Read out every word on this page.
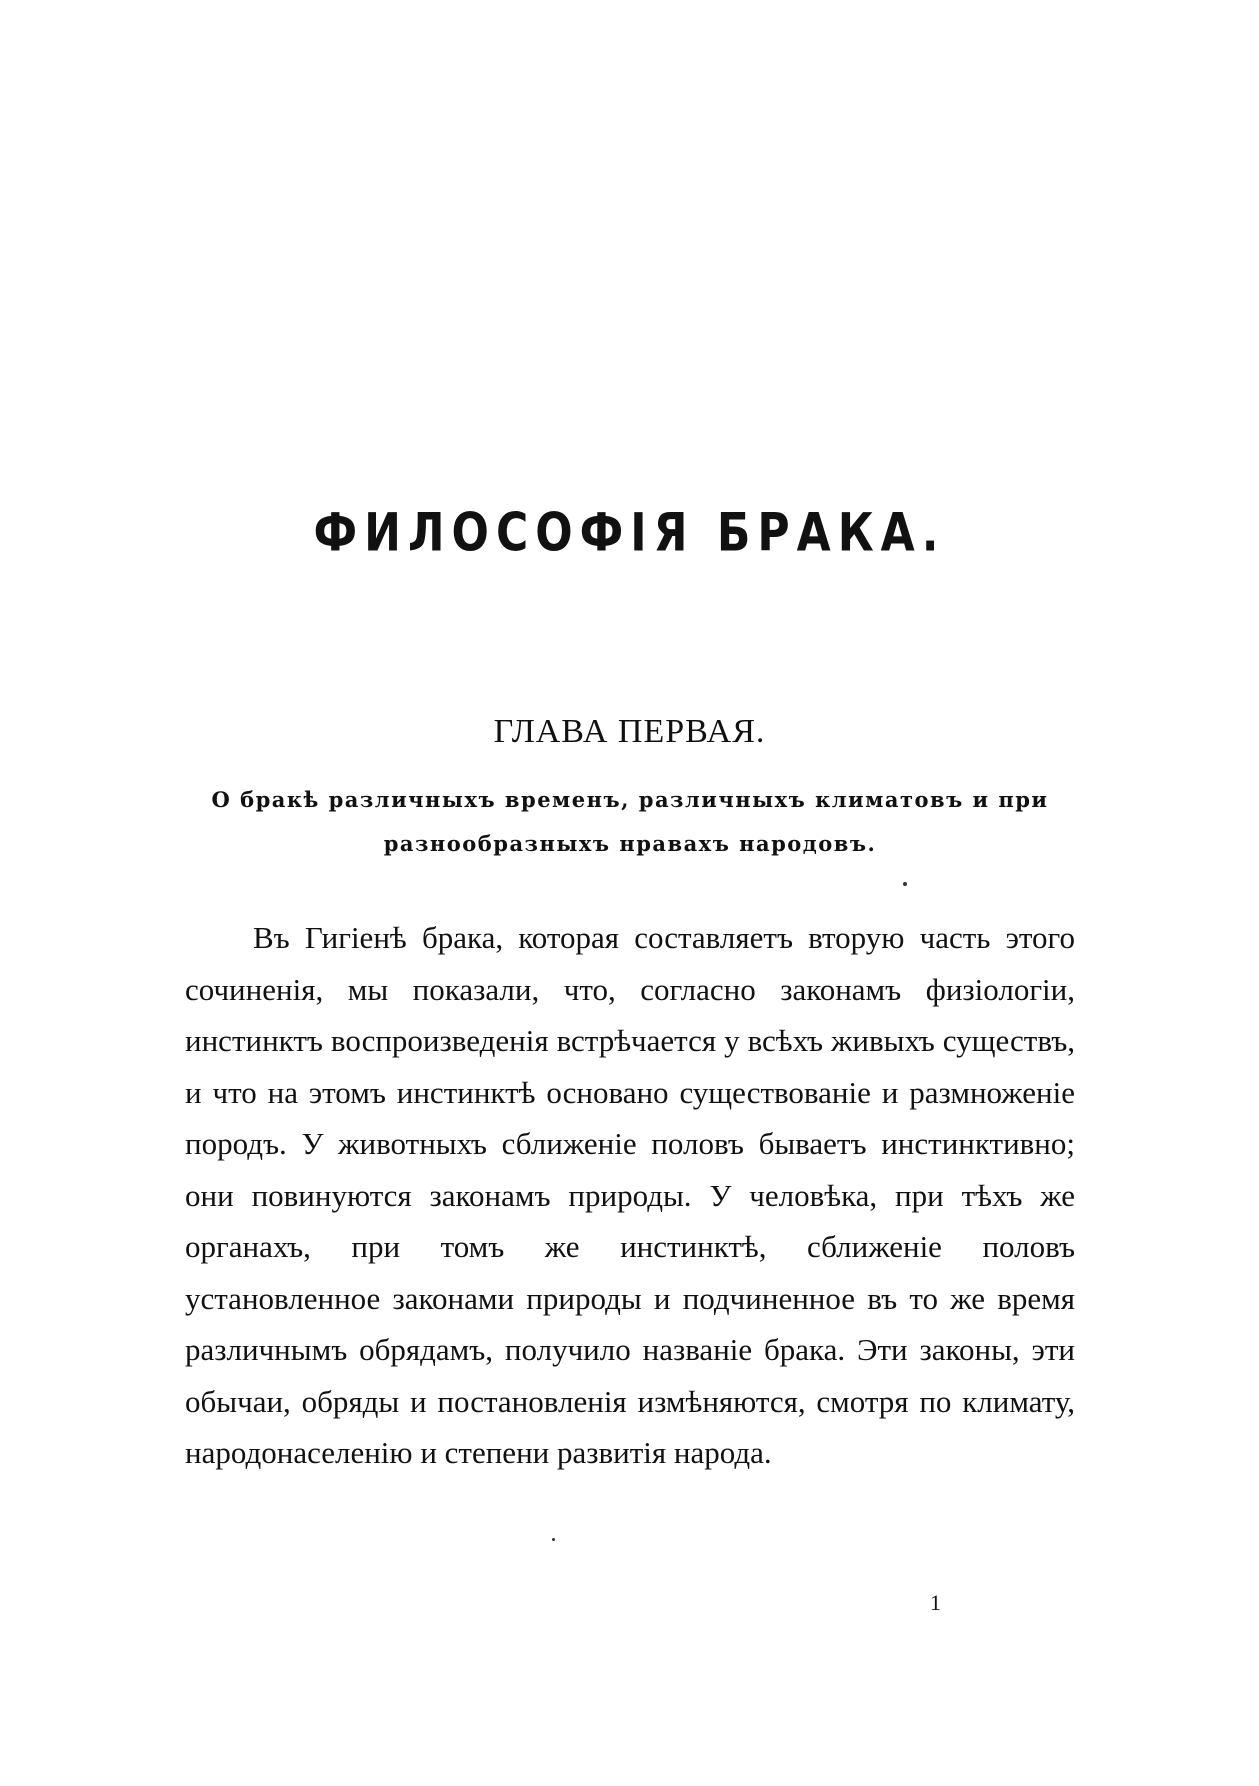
ФИЛОСОФІЯ БРАКА.
ГЛАВА ПЕРВАЯ.
О бракѣ различныхъ временъ, различныхъ климатовъ и при разнообразныхъ нравахъ народовъ.

Въ Гигіенѣ брака, которая составляетъ вторую часть этого сочиненія, мы показали, что, согласно законамъ физіологіи, инстинктъ воспроизведенія встрѣчается у всѣхъ живыхъ существъ, и что на этомъ инстинктѣ основано существованіе и размноженіе породъ. У животныхъ сближеніе половъ бываетъ инстинктивно; они повинуются законамъ природы. У человѣка, при тѣхъ же органахъ, при томъ же инстинктѣ, сближеніе половъ установленное законами природы и подчиненное въ то же время различнымъ обрядамъ, получило названіе брака. Эти законы, эти обычаи, обряды и постановленія измѣняются, смотря по климату, народонаселенію и степени развитія народа.

1
